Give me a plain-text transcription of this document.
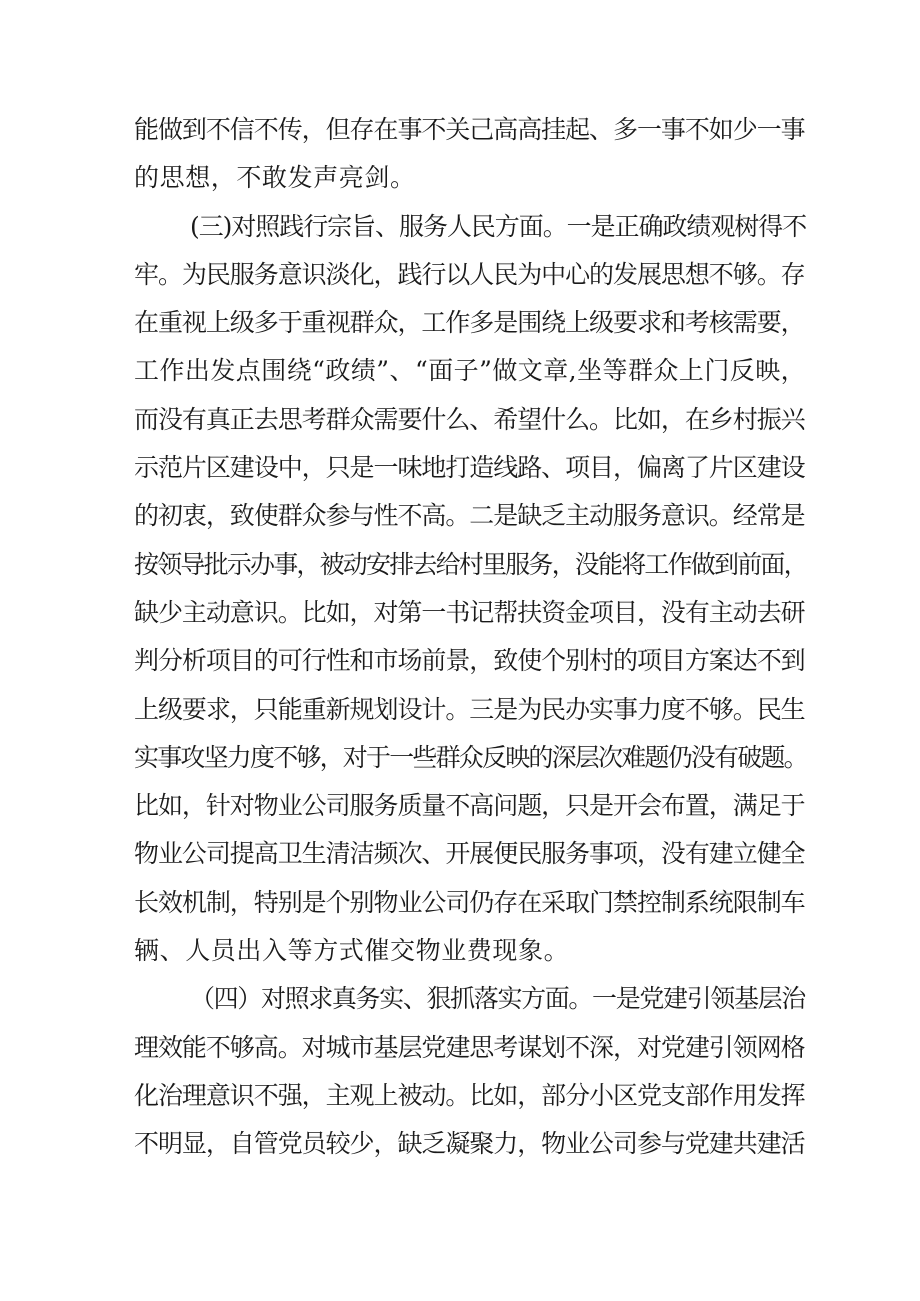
能做到不信不传，但存在事不关己高高挂起、多一事不如少一事
的思想，不敢发声亮剑。

(三)对照践行宗旨、服务人民方面。一是正确政绩观树得不
牢。为民服务意识淡化，践行以人民为中心的发展思想不够。存
在重视上级多于重视群众，工作多是围绕上级要求和考核需要，
工作出发点围绕“政绩”、“面子”做文章,坐等群众上门反映，
而没有真正去思考群众需要什么、希望什么。比如，在乡村振兴
示范片区建设中，只是一味地打造线路、项目，偏离了片区建设
的初衷，致使群众参与性不高。二是缺乏主动服务意识。经常是
按领导批示办事，被动安排去给村里服务，没能将工作做到前面，
缺少主动意识。比如，对第一书记帮扶资金项目，没有主动去研
判分析项目的可行性和市场前景，致使个别村的项目方案达不到
上级要求，只能重新规划设计。三是为民办实事力度不够。民生
实事攻坚力度不够，对于一些群众反映的深层次难题仍没有破题。
比如，针对物业公司服务质量不高问题，只是开会布置，满足于
物业公司提高卫生清洁频次、开展便民服务事项，没有建立健全
长效机制，特别是个别物业公司仍存在采取门禁控制系统限制车
辆、人员出入等方式催交物业费现象。

（四）对照求真务实、狠抓落实方面。一是党建引领基层治
理效能不够高。对城市基层党建思考谋划不深，对党建引领网格
化治理意识不强，主观上被动。比如，部分小区党支部作用发挥
不明显，自管党员较少，缺乏凝聚力，物业公司参与党建共建活
